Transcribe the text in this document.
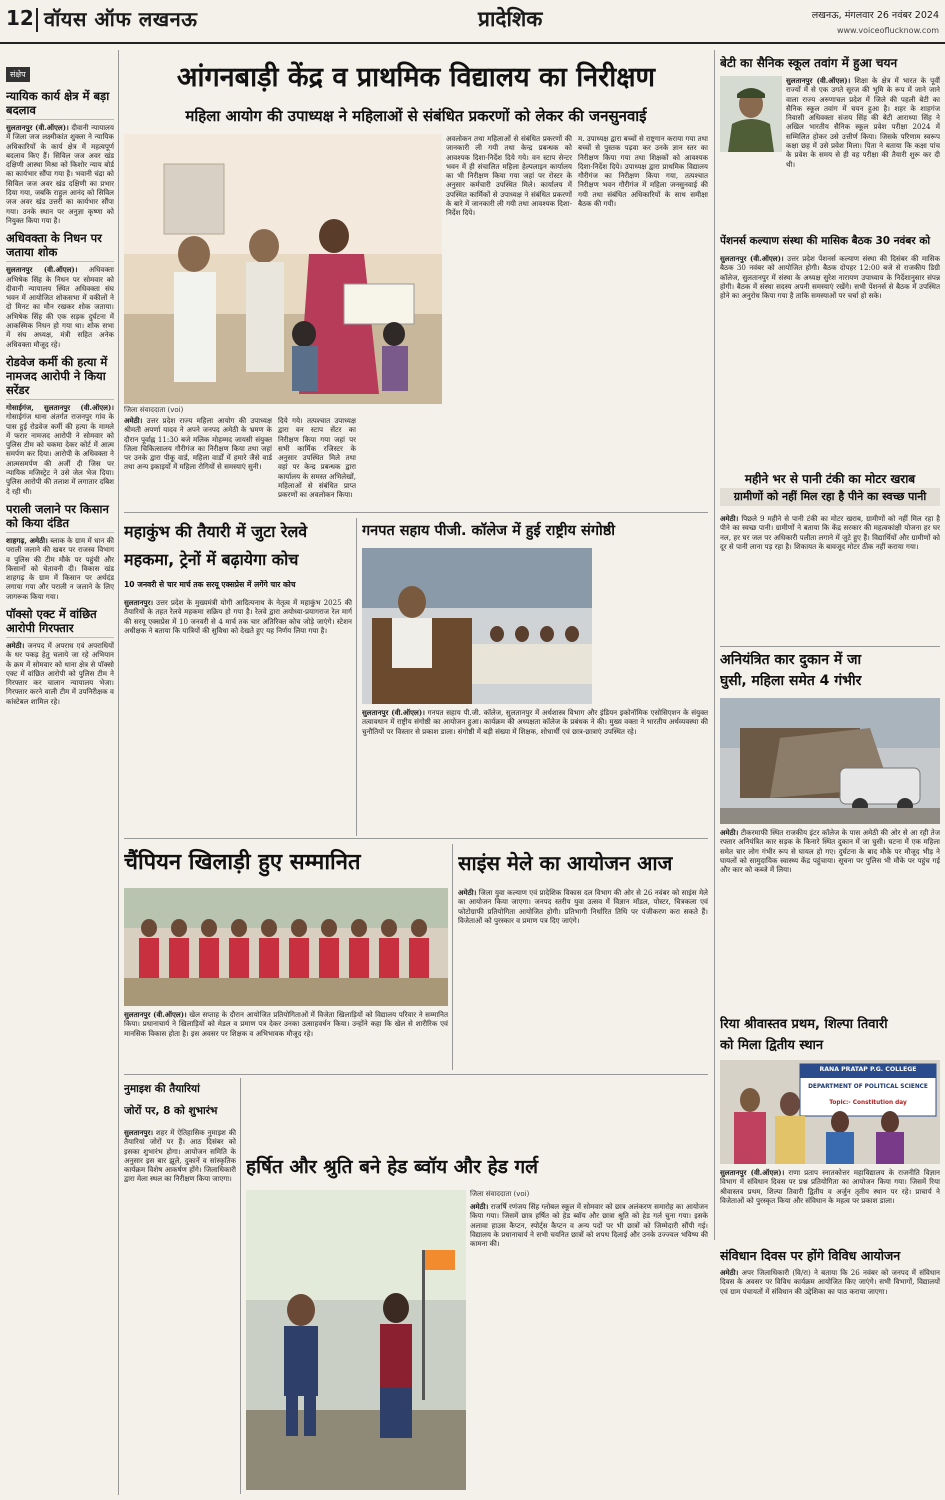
12 वॉयस ऑफ लखनऊ	प्रादेशिक	लखनऊ, मंगलवार 26 नवंबर 2024
www.voiceoflucknow.com
संक्षेप
न्यायिक कार्य क्षेत्र में बड़ा बदलाव
सुलतानपुर (वी.ऑएल)। दीवानी न्यायालय में जिला जज लक्ष्मीकांत शुक्ला ने न्यायिक अधिकारियों के कार्य क्षेत्र में महत्वपूर्ण बदलाव किए हैं। सिविल जज अवर खंड दक्षिणी आस्था मिश्रा को किशोर न्याय बोर्ड का कार्यभार सौंपा गया है। भवानी चंद्रा को सिविल जज अवर खंड दक्षिणी का प्रभार दिया गया, जबकि राहुल आनंद को सिविल जज अवर खंड उत्तरी का कार्यभार सौंपा गया। उनके स्थान पर अनुज्ञा कृष्णा को नियुक्त किया गया है।
अधिवक्ता के निधन पर जताया शोक
सुलतानपुर (वी.ऑएल)। अधिवक्ता अभिषेक सिंह के निधन पर सोमवार को दीवानी न्यायालय स्थित अधिवक्ता संघ भवन में आयोजित शोकसभा में वकीलों ने दो मिनट का मौन रखकर शोक जताया। अभिषेक सिंह की एक सड़क दुर्घटना में आकस्मिक निधन हो गया था। शोक सभा में संघ अध्यक्ष, मंत्री सहित अनेक अधिवक्ता मौजूद रहे।
रोडवेज कर्मी की हत्या में नामजद आरोपी ने किया सरेंडर
गोसाईगंज, सुलतानपुर (वी.ऑएल)। गोसाईगंज थाना अंतर्गत राजनपुर गांव के पास हुई रोडवेज कर्मी की हत्या के मामले में फरार नामजद आरोपी ने सोमवार को पुलिस टीम को चकमा देकर कोर्ट में आत्म समर्पण कर दिया। आरोपी के अधिवक्ता ने आत्मसमर्पण की अर्जी दी जिस पर न्यायिक मजिस्ट्रेट ने उसे जेल भेज दिया। पुलिस आरोपी की तलाश में लगातार दबिश दे रही थी।
पराली जलाने पर किसान को किया दंडित
शाहगढ़, अमेठी। ब्लाक के ग्राम में धान की पराली जलाने की खबर पर राजस्व विभाग व पुलिस की टीम मौके पर पहुंची और किसानों को चेतावनी दी। विकास खंड शाहगढ़ के ग्राम में किसान पर अर्थदंड लगाया गया और पराली न जलाने के लिए जागरूक किया गया।
पॉक्सो एक्ट में वांछित आरोपी गिरफ्तार
अमेठी। जनपद में अपराध एवं अपराधियों के धर पकड़ हेतु चलाये जा रहे अभियान के क्रम में सोमवार को थाना क्षेत्र से पॉक्सो एक्ट में वांछित आरोपी को पुलिस टीम ने गिरफ्तार कर चालान न्यायालय भेजा। गिरफ्तार करने वाली टीम में उपनिरीक्षक व कांस्टेबल शामिल रहे।
आंगनबाड़ी केंद्र व प्राथमिक विद्यालय का निरीक्षण
महिला आयोग की उपाध्यक्ष ने महिलाओं से संबंधित प्रकरणों को लेकर की जनसुनवाई
जिला संवाददाता (voi)
अमेठी। उत्तर प्रदेश राज्य महिला आयोग की उपाध्यक्ष श्रीमती अपर्णा यादव ने अपने जनपद अमेठी के भ्रमण के दौरान पूर्वाह्न 11:30 बजे मलिक मोहम्मद जायसी संयुक्त जिला चिकित्सालय गौरीगंज का निरीक्षण किया तथा जहां पर उनके द्वारा पीकू वार्ड, महिला वार्डों में हमारे जैसे वार्ड तथा अन्य इकाइयों में महिला रोगियों से समस्याएं सुनी।
दिये गये। तत्पश्चात उपाध्यक्ष द्वारा वन स्टाप सेंटर का निरीक्षण किया गया जहां पर सभी कार्मिक रजिस्टर के अनुसार उपस्थित मिले तथा वहां पर केन्द्र प्रबन्धक द्वारा कार्यालय के समस्त अभिलेखों, महिलाओं से संबंधित प्राप्त प्रकरणों का अवलोकन किया।
अवलोकन तथा महिलाओं से संबंधित प्रकरणों की जानकारी ली गयी तथा केन्द्र प्रबन्धक को आवश्यक दिशा-निर्देश दिये गये। वन स्टाप सेन्टर भवन में ही संचालित महिला हेल्पलाइन कार्यालय का भी निरीक्षण किया गया जहां पर रोस्टर के अनुसार कर्मचारी उपस्थित मिले। कार्यालय में उपस्थित कार्मिकों से उपाध्यक्ष ने संबंधित प्रकरणों के बारे में जानकारी ली गयी तथा आवश्यक दिशा-निर्देश दिये।
म. उपाध्यक्ष द्वारा बच्चों से राष्ट्रगान कराया गया तथा बच्चों से पुस्तक पढ़वा कर उनके ज्ञान स्तर का निरीक्षण किया गया तथा शिक्षकों को आवश्यक दिशा-निर्देश दिये। उपाध्यक्ष द्वारा प्राथमिक विद्यालय गौरीगंज का निरीक्षण किया गया, तत्पश्चात निरीक्षण भवन गौरीगंज में महिला जनसुनवाई की गयी तथा संबंधित अधिकारियों के साथ समीक्षा बैठक की गयी।
बेटी का सैनिक स्कूल तवांग में हुआ चयन
सुलतानपुर (वी.ऑएल)। शिक्षा के क्षेत्र में भारत के पूर्वी राज्यों में से एक उगते सूरज की भूमि के रूप में जाने जाने वाला राज्य अरुणाचल प्रदेश में जिले की पहली बेटी का सैनिक स्कूल तवांग में चयन हुआ है। शहर के शाहगंज निवासी अधिवक्ता संजय सिंह की बेटी आराध्या सिंह ने अखिल भारतीय सैनिक स्कूल प्रवेश परीक्षा 2024 में सम्मिलित होकर उसे उत्तीर्ण किया। जिसके परिणाम स्वरूप कक्षा छह में उसे प्रवेश मिला। पिता ने बताया कि कक्षा पांच के प्रवेश के समय से ही वह परीक्षा की तैयारी शुरू कर दी थी।
पेंशनर्स कल्याण संस्था की मासिक बैठक 30 नवंबर को
सुलतानपुर (वी.ऑएल)। उत्तर प्रदेश पेंशनर्स कल्याण संस्था की दिसंबर की मासिक बैठक 30 नवंबर को आयोजित होगी। बैठक दोपहर 12:00 बजे से राजकीय डिग्री कॉलेज, सुलतानपुर में संस्था के अध्यक्ष सुरेश नारायण उपाध्याय के निर्देशानुसार संपन्न होगी। बैठक में संस्था सदस्य अपनी समस्याएं रखेंगे। सभी पेंशनर्स से बैठक में उपस्थित होने का अनुरोध किया गया है ताकि समस्याओं पर चर्चा हो सके।
महीने भर से पानी टंकी का मोटर खराब
ग्रामीणों को नहीं मिल रहा है पीने का स्वच्छ पानी
अमेठी। पिछले 9 महीने से पानी टंकी का मोटर खराब, ग्रामीणों को नहीं मिल रहा है पीने का स्वच्छ पानी। ग्रामीणों ने बताया कि केंद्र सरकार की महत्वकांक्षी योजना हर घर नल, हर घर जल पर अधिकारी पलीता लगाने में जुटे हुए हैं। विद्यार्थियों और ग्रामीणों को दूर से पानी लाना पड़ रहा है। शिकायत के बावजूद मोटर ठीक नहीं कराया गया।
अनियंत्रित कार दुकान में जा
घुसी, महिला समेत 4 गंभीर
अमेठी। टीकरमाफी स्थित राजकीय इंटर कॉलेज के पास अमेठी की ओर से आ रही तेज रफ्तार अनियंत्रित कार सड़क के किनारे स्थित दुकान में जा घुसी। घटना में एक महिला समेत चार लोग गंभीर रूप से घायल हो गए। दुर्घटना के बाद मौके पर मौजूद भीड़ ने घायलों को सामुदायिक स्वास्थ्य केंद्र पहुंचाया। सूचना पर पुलिस भी मौके पर पहुंच गई और कार को कब्जे में लिया।
रिया श्रीवास्तव प्रथम, शिल्पा तिवारी
को मिला द्वितीय स्थान
RANA PRATAP P.G. COLLEGE
DEPARTMENT OF POLITICAL SCIENCE
Topic:- Constitution day
सुलतानपुर (वी.ऑएल)। राणा प्रताप स्नातकोत्तर महाविद्यालय के राजनीति विज्ञान विभाग में संविधान दिवस पर प्रश्न प्रतियोगिता का आयोजन किया गया। जिसमें रिया श्रीवास्तव प्रथम, शिल्पा तिवारी द्वितीय व अर्जुन तृतीय स्थान पर रहे। प्राचार्य ने विजेताओं को पुरस्कृत किया और संविधान के महत्व पर प्रकाश डाला।
संविधान दिवस पर होंगे विविध आयोजन
अमेठी। अपर जिलाधिकारी (वि/रा) ने बताया कि 26 नवंबर को जनपद में संविधान दिवस के अवसर पर विविध कार्यक्रम आयोजित किए जाएंगे। सभी विभागों, विद्यालयों एवं ग्राम पंचायतों में संविधान की उद्देशिका का पाठ कराया जाएगा।
महाकुंभ की तैयारी में जुटा रेलवे
महकमा, ट्रेनों में बढ़ायेगा कोच
10 जनवरी से चार मार्च तक सरयू एक्सप्रेस में लगेंगे चार कोच
सुलतानपुर। उत्तर प्रदेश के मुख्यमंत्री योगी आदित्यनाथ के नेतृत्व में महाकुंभ 2025 की तैयारियों के तहत रेलवे महकमा सक्रिय हो गया है। रेलवे द्वारा अयोध्या-प्रयागराज रेल मार्ग की सरयू एक्सप्रेस में 10 जनवरी से 4 मार्च तक चार अतिरिक्त कोच जोड़े जाएंगे। स्टेशन अधीक्षक ने बताया कि यात्रियों की सुविधा को देखते हुए यह निर्णय लिया गया है।
गनपत सहाय पीजी. कॉलेज में हुई राष्ट्रीय संगोष्ठी
सुलतानपुर (वी.ऑएल)। गनपत सहाय पी.जी. कॉलेज, सुलतानपुर में अर्थशास्त्र विभाग और इंडियन इकोनॉमिक एसोसिएशन के संयुक्त तत्वावधान में राष्ट्रीय संगोष्ठी का आयोजन हुआ। कार्यक्रम की अध्यक्षता कॉलेज के प्रबंधक ने की। मुख्य वक्ता ने भारतीय अर्थव्यवस्था की चुनौतियों पर विस्तार से प्रकाश डाला। संगोष्ठी में बड़ी संख्या में शिक्षक, शोधार्थी एवं छात्र-छात्राएं उपस्थित रहे।
चैंपियन खिलाड़ी हुए सम्मानित
सुलतानपुर (वी.ऑएल)। खेल सप्ताह के दौरान आयोजित प्रतियोगिताओं में विजेता खिलाड़ियों को विद्यालय परिवार ने सम्मानित किया। प्रधानाचार्य ने खिलाड़ियों को मेडल व प्रमाण पत्र देकर उनका उत्साहवर्धन किया। उन्होंने कहा कि खेल से शारीरिक एवं मानसिक विकास होता है। इस अवसर पर शिक्षक व अभिभावक मौजूद रहे।
साइंस मेले का आयोजन आज
अमेठी। जिला युवा कल्याण एवं प्रादेशिक विकास दल विभाग की ओर से 26 नवंबर को साइंस मेले का आयोजन किया जाएगा। जनपद स्तरीय युवा उत्सव में विज्ञान मॉडल, पोस्टर, चित्रकला एवं फोटोग्राफी प्रतियोगिता आयोजित होगी। प्रतिभागी निर्धारित तिथि पर पंजीकरण करा सकते हैं। विजेताओं को पुरस्कार व प्रमाण पत्र दिए जाएंगे।
नुमाइश की तैयारियां
जोरों पर, 8 को शुभारंभ
सुलतानपुर। शहर में ऐतिहासिक नुमाइश की तैयारियां जोरों पर हैं। आठ दिसंबर को इसका शुभारंभ होगा। आयोजन समिति के अनुसार इस बार झूले, दुकानें व सांस्कृतिक कार्यक्रम विशेष आकर्षण होंगे। जिलाधिकारी द्वारा मेला स्थल का निरीक्षण किया जाएगा।
हर्षित और श्रुति बने हेड ब्वॉय और हेड गर्ल
जिला संवाददाता (voi)
अमेठी। राजर्षि रणंजय सिंह ग्लोबल स्कूल में सोमवार को छात्र अलंकरण समारोह का आयोजन किया गया। जिसमें छात्र हर्षित को हेड ब्वॉय और छात्रा श्रुति को हेड गर्ल चुना गया। इसके अलावा हाउस कैप्टन, स्पोर्ट्स कैप्टन व अन्य पदों पर भी छात्रों को जिम्मेदारी सौंपी गई। विद्यालय के प्रधानाचार्य ने सभी चयनित छात्रों को शपथ दिलाई और उनके उज्ज्वल भविष्य की कामना की।
